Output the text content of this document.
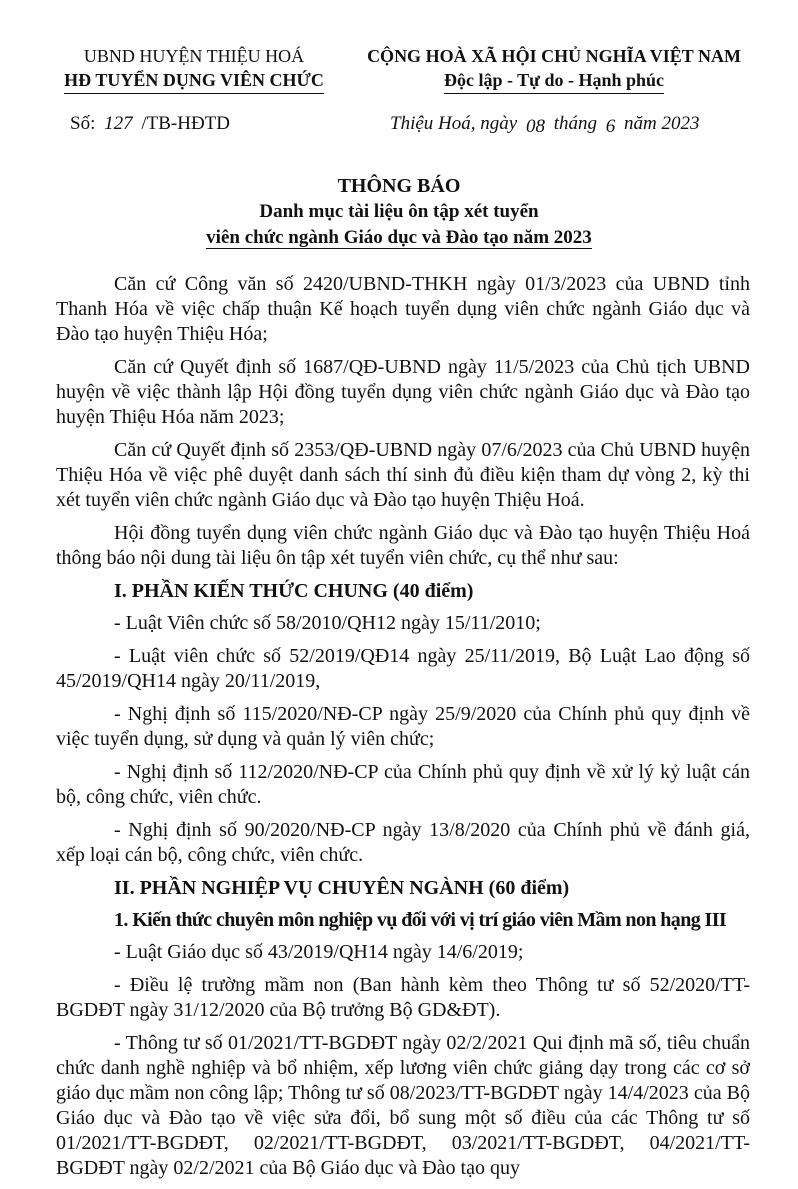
UBND HUYỆN THIỆU HOÁ
HĐ TUYỂN DỤNG VIÊN CHỨC
CỘNG HOÀ XÃ HỘI CHỦ NGHĨA VIỆT NAM
Độc lập - Tự do - Hạnh phúc
Số: 127 /TB-HĐTD	Thiệu Hoá, ngày 08 tháng 6 năm 2023
THÔNG BÁO
Danh mục tài liệu ôn tập xét tuyển
viên chức ngành Giáo dục và Đào tạo năm 2023

Căn cứ Công văn số 2420/UBND-THKH ngày 01/3/2023 của UBND tỉnh Thanh Hóa về việc chấp thuận Kế hoạch tuyển dụng viên chức ngành Giáo dục và Đào tạo huyện Thiệu Hóa;

Căn cứ Quyết định số 1687/QĐ-UBND ngày 11/5/2023 của Chủ tịch UBND huyện về việc thành lập Hội đồng tuyển dụng viên chức ngành Giáo dục và Đào tạo huyện Thiệu Hóa năm 2023;

Căn cứ Quyết định số 2353/QĐ-UBND ngày 07/6/2023 của Chủ UBND huyện Thiệu Hóa về việc phê duyệt danh sách thí sinh đủ điều kiện tham dự vòng 2, kỳ thi xét tuyển viên chức ngành Giáo dục và Đào tạo huyện Thiệu Hoá.

Hội đồng tuyển dụng viên chức ngành Giáo dục và Đào tạo huyện Thiệu Hoá thông báo nội dung tài liệu ôn tập xét tuyển viên chức, cụ thể như sau:

I. PHẦN KIẾN THỨC CHUNG (40 điểm)

- Luật Viên chức số 58/2010/QH12 ngày 15/11/2010;

- Luật viên chức số 52/2019/QĐ14 ngày 25/11/2019, Bộ Luật Lao động số 45/2019/QH14 ngày 20/11/2019,

- Nghị định số 115/2020/NĐ-CP ngày 25/9/2020 của Chính phủ quy định về việc tuyển dụng, sử dụng và quản lý viên chức;

- Nghị định số 112/2020/NĐ-CP của Chính phủ quy định về xử lý kỷ luật cán bộ, công chức, viên chức.

- Nghị định số 90/2020/NĐ-CP ngày 13/8/2020 của Chính phủ về đánh giá, xếp loại cán bộ, công chức, viên chức.

II. PHẦN NGHIỆP VỤ CHUYÊN NGÀNH (60 điểm)

1. Kiến thức chuyên môn nghiệp vụ đối với vị trí giáo viên Mầm non hạng III

- Luật Giáo dục số 43/2019/QH14 ngày 14/6/2019;

- Điều lệ trường mầm non (Ban hành kèm theo Thông tư số 52/2020/TT-BGDĐT ngày 31/12/2020 của Bộ trưởng Bộ GD&ĐT).

- Thông tư số 01/2021/TT-BGDĐT ngày 02/2/2021 Qui định mã số, tiêu chuẩn chức danh nghề nghiệp và bổ nhiệm, xếp lương viên chức giảng dạy trong các cơ sở giáo dục mầm non công lập; Thông tư số 08/2023/TT-BGDĐT ngày 14/4/2023 của Bộ Giáo dục và Đào tạo về việc sửa đổi, bổ sung một số điều của các Thông tư số 01/2021/TT-BGDĐT, 02/2021/TT-BGDĐT, 03/2021/TT-BGDĐT, 04/2021/TT-BGDĐT ngày 02/2/2021 của Bộ Giáo dục và Đào tạo quy
